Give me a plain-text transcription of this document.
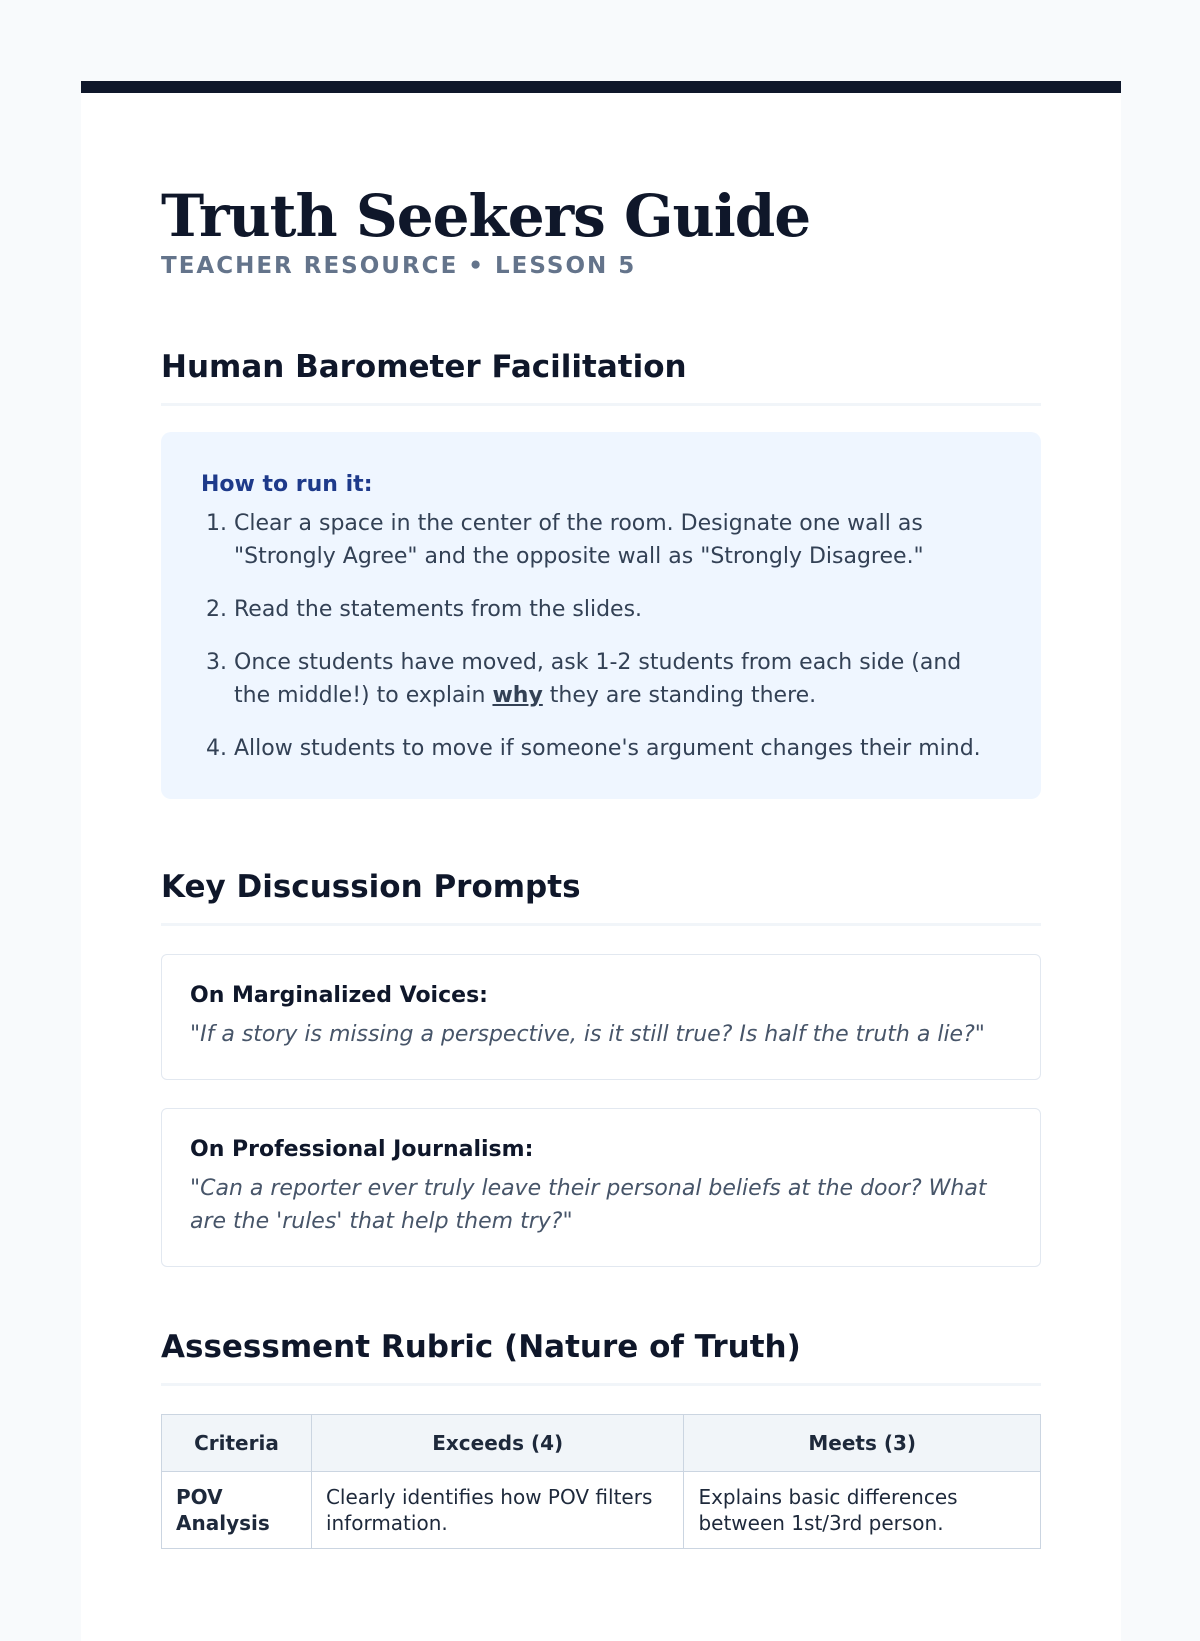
Truth Seekers Guide
TEACHER RESOURCE • LESSON 5
Human Barometer Facilitation
How to run it:
1. Clear a space in the center of the room. Designate one wall as "Strongly Agree" and the opposite wall as "Strongly Disagree."
2. Read the statements from the slides.
3. Once students have moved, ask 1-2 students from each side (and the middle!) to explain why they are standing there.
4. Allow students to move if someone's argument changes their mind.
Key Discussion Prompts
On Marginalized Voices:
"If a story is missing a perspective, is it still true? Is half the truth a lie?"
On Professional Journalism:
"Can a reporter ever truly leave their personal beliefs at the door? What are the 'rules' that help them try?"
Assessment Rubric (Nature of Truth)
Criteria	Exceeds (4)	Meets (3)
POV Analysis	Clearly identifies how POV filters information.	Explains basic differences between 1st/3rd person.
